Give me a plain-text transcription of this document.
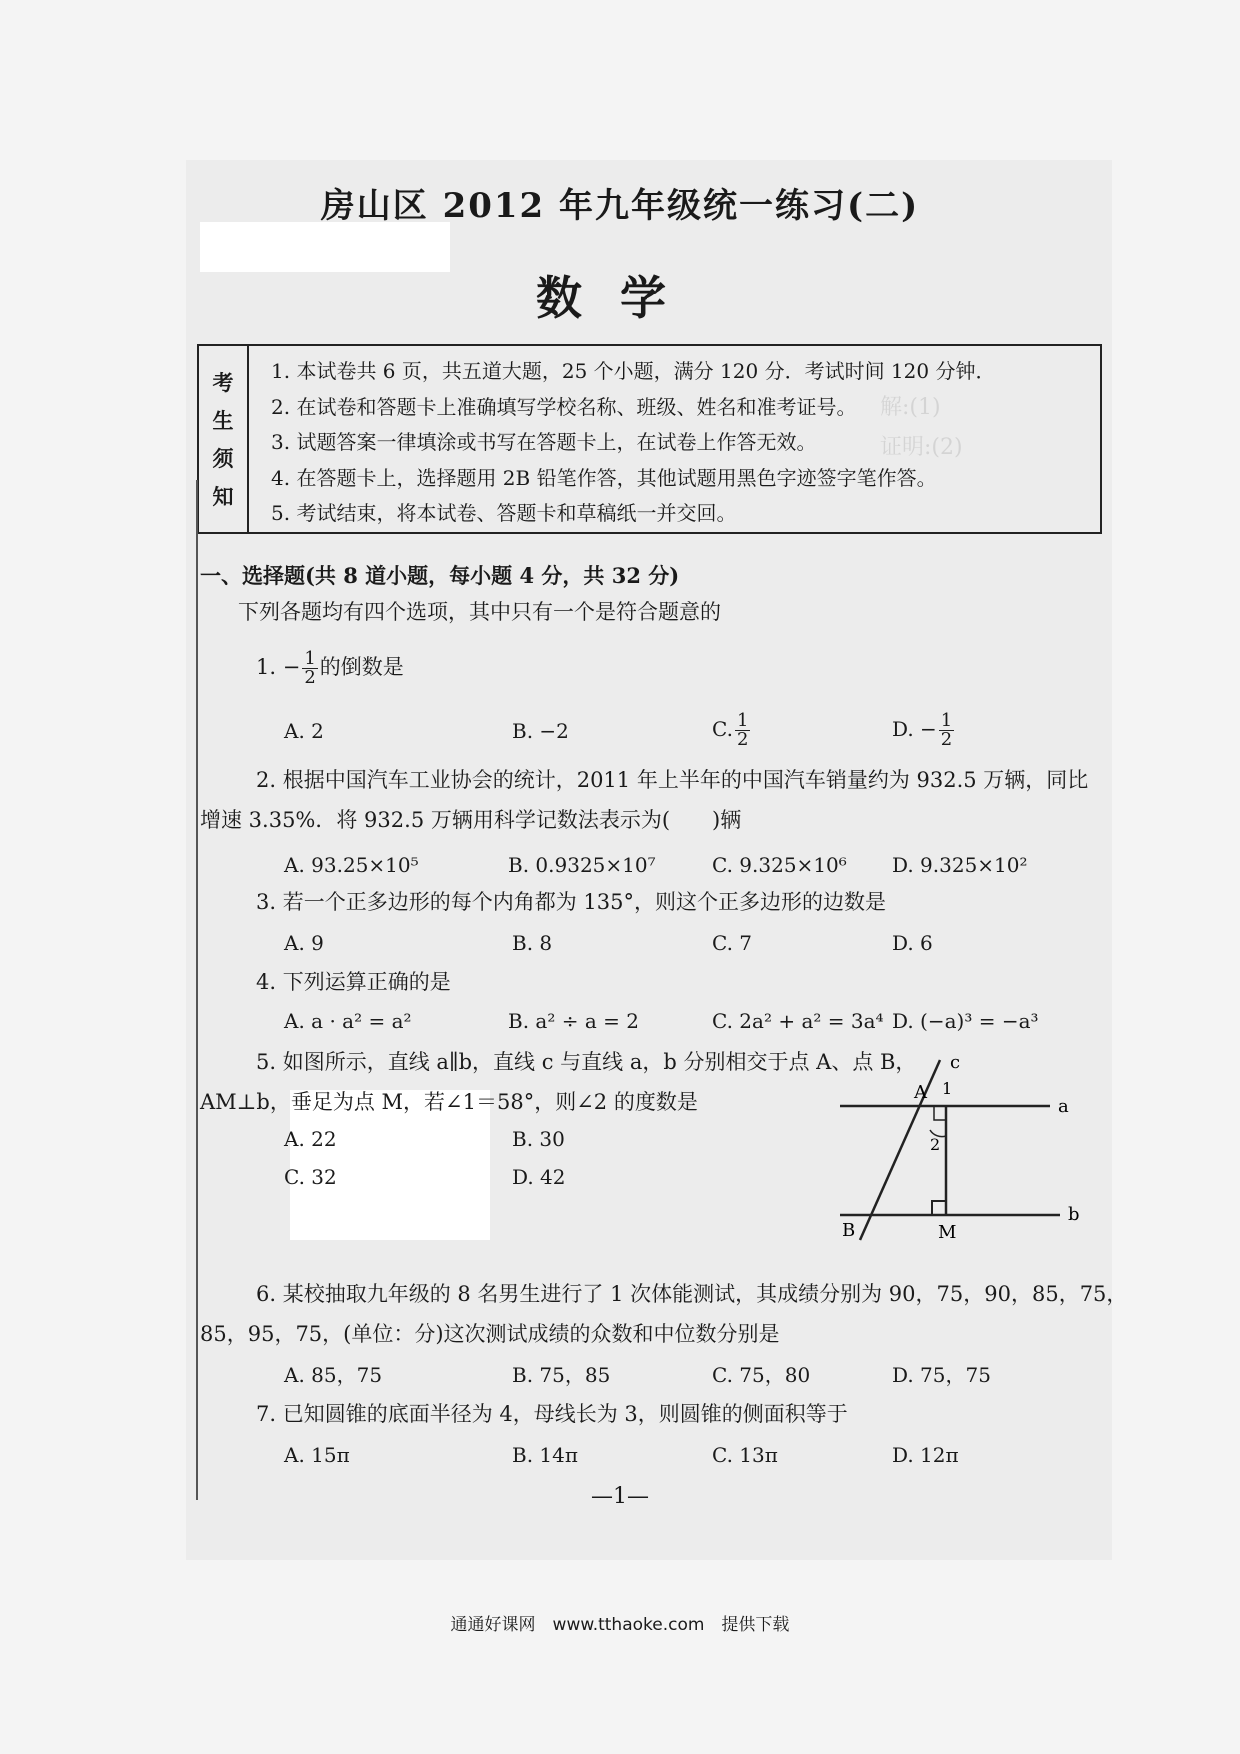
解:(1)
证明:(2)
房山区 2012 年九年级统一练习(二)
数学
考
生
须
知
1. 本试卷共 6 页，共五道大题，25 个小题，满分 120 分．考试时间 120 分钟．
2. 在试卷和答题卡上准确填写学校名称、班级、姓名和准考证号。
3. 试题答案一律填涂或书写在答题卡上，在试卷上作答无效。
4. 在答题卡上，选择题用 2B 铅笔作答，其他试题用黑色字迹签字笔作答。
5. 考试结束，将本试卷、答题卡和草稿纸一并交回。
一、选择题(共 8 道小题，每小题 4 分，共 32 分)
下列各题均有四个选项，其中只有一个是符合题意的
1. − $\frac{1}{2}$ 的倒数是
A. 2	B. −2	C. $\frac{1}{2}$	D. − $\frac{1}{2}$
2. 根据中国汽车工业协会的统计，2011 年上半年的中国汽车销量约为 932.5 万辆，同比
增速 3.35%．将 932.5 万辆用科学记数法表示为(　　)辆
A. 93.25×10⁵	B. 0.9325×10⁷	C. 9.325×10⁶ D. 9.325×10²
3. 若一个正多边形的每个内角都为 135°，则这个正多边形的边数是
A. 9	B. 8	C. 7	D. 6
4. 下列运算正确的是
A. a · a² = a²	B. a² ÷ a = 2	C. 2a² + a² = 3a⁴ D. (−a)³ = −a³
5. 如图所示，直线 a∥b，直线 c 与直线 a，b 分别相交于点 A、点 B，
AM⊥b，垂足为点 M，若∠1＝58°，则∠2 的度数是
A. 22	B. 30
C. 32	D. 42
c
A 1
a
2
b
B	M
6. 某校抽取九年级的 8 名男生进行了 1 次体能测试，其成绩分别为 90，75，90，85，75，
85，95，75，(单位：分)这次测试成绩的众数和中位数分别是
A. 85，75	B. 75，85	C. 75，80	D. 75，75
7. 已知圆锥的底面半径为 4，母线长为 3，则圆锥的侧面积等于
A. 15π	B. 14π	C. 13π	D. 12π
—1—
通通好课网　www.tthaoke.com　提供下载
